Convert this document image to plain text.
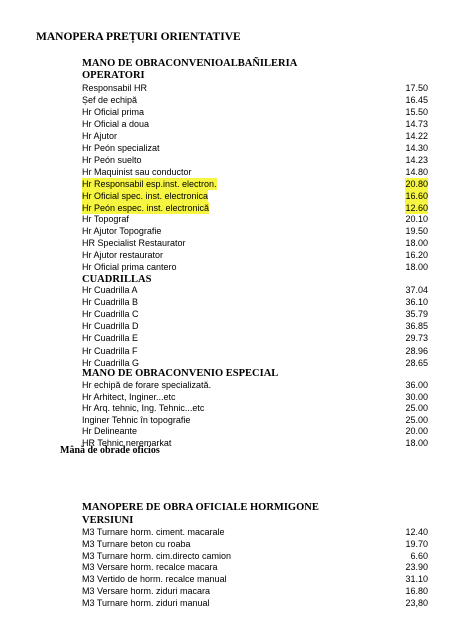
MANOPERA PREȚURI ORIENTATIVE
MANO DE OBRACONVENIOALBAÑILERIA
OPERATORI
Responsabil HR	17.50
Șef de echipă	16.45
Hr Oficial prima	15.50
Hr Oficial a doua	14.73
Hr Ajutor	14.22
Hr Peón specializat	14.30
Hr Peón suelto	14.23
Hr Maquinist sau conductor	14.80
Hr Responsabil esp.inst. electron.	20.80
Hr Oficial spec. inst. electronica	16.60
Hr Peón espec. inst. electronică	12.60
Hr Topograf	20.10
Hr Ajutor Topografie	19.50
HR Specialist Restaurator	18.00
Hr Ajutor restaurator	16.20
Hr Oficial prima cantero	18.00
CUADRILLAS
Hr Cuadrilla A	37.04
Hr Cuadrilla B	36.10
Hr Cuadrilla C	35.79
Hr Cuadrilla D	36.85
Hr Cuadrilla E	29.73
Hr Cuadrilla F	28.96
Hr Cuadrilla G	28.65
MANO DE OBRACONVENIO ESPECIAL
Hr echipă de forare specializată.	36.00
Hr Arhitect, Inginer...etc	30.00
Hr Arq. tehnic, Ing. Tehnic...etc	25.00
Inginer Tehnic în topografie	25.00
Hr Delineante	20.00
HR Tehnic neremarkat	18.00
Mână de obrade oficios
MANOPERE DE OBRA OFICIALE HORMIGONE
VERSIUNI
M3 Turnare horm. ciment. macarale	12.40
M3 Turnare beton cu roaba	19.70
M3 Turnare horm. cim.directo camion	6.60
M3 Versare horm. recalce macara	23.90
M3 Vertido de horm. recalce manual	31.10
M3 Versare horm. ziduri macara	16.80
M3 Turnare horm. ziduri manual	23,80
